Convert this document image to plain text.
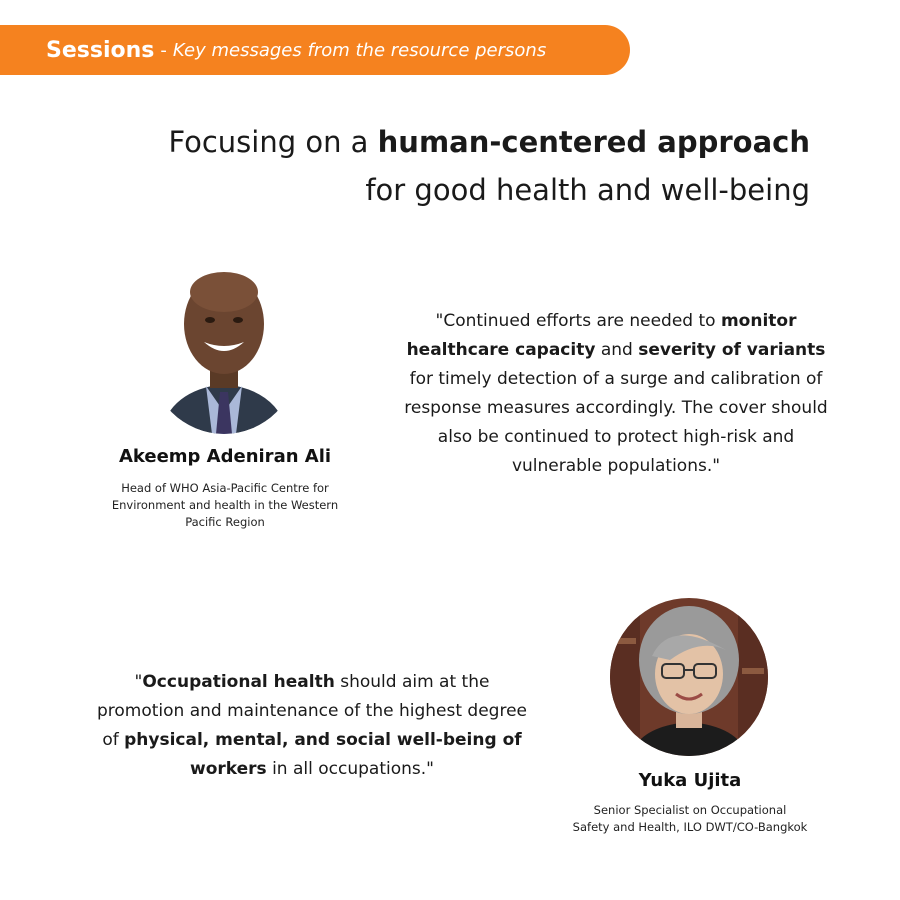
Sessions - Key messages from the resource persons
Focusing on a human-centered approach
for good health and well-being
Akeemp Adeniran Ali
Head of WHO Asia-Pacific Centre for
Environment and health in the Western
Pacific Region
"Continued efforts are needed to monitor healthcare capacity and severity of variants for timely detection of a surge and calibration of response measures accordingly. The cover should also be continued to protect high-risk and vulnerable populations."
"Occupational health should aim at the promotion and maintenance of the highest degree of physical, mental, and social well-being of workers in all occupations."
Yuka Ujita
Senior Specialist on Occupational
Safety and Health, ILO DWT/CO-Bangkok
